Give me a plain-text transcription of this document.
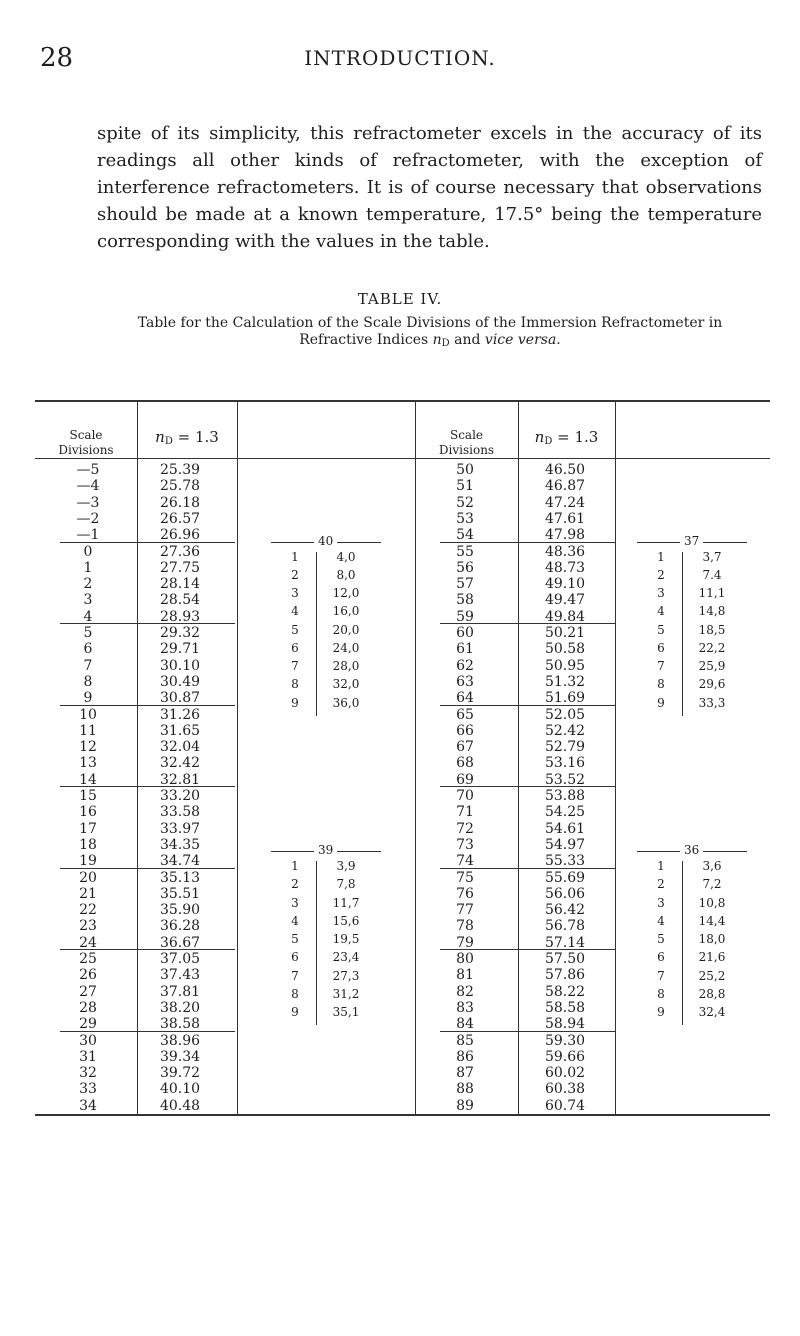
28	INTRODUCTION.
spite of its simplicity, this refractometer excels in the accuracy of its readings all other kinds of refractometer, with the exception of interference refractometers. It is of course necessary that observations should be made at a known temperature, 17.5° being the temperature corresponding with the values in the table.
TABLE IV.
Table for the Calculation of the Scale Divisions of the Immersion Refractometer in
Refractive Indices $n_D$ and vice versa.
Scale
Divisions
$n_D = 1.3$	Scale
Divisions
$n_D = 1.3$
—5	25.39	50	46.50
—4	25.78	51	46.87
—3	26.18	52	47.24
—2	26.57	53	47.61
—1	26.96	54	47.98
0	27.36	55	48.36
1	27.75	56	48.73
2	28.14	57	49.10
3	28.54	58	49.47
4	28.93	59	49.84
5	29.32	60	50.21
6	29.71	61	50.58
7	30.10	62	50.95
8	30.49	63	51.32
9	30.87	64	51.69
10	31.26	65	52.05
11	31.65	66	52.42
12	32.04	67	52.79
13	32.42	68	53.16
14	32.81	69	53.52
15	33.20	70	53.88
16	33.58	71	54.25
17	33.97	72	54.61
18	34.35	73	54.97
19	34.74	74	55.33
20	35.13	75	55.69
21	35.51	76	56.06
22	35.90	77	56.42
23	36.28	78	56.78
24	36.67	79	57.14
25	37.05	80	57.50
26	37.43	81	57.86
27	37.81	82	58.22
28	38.20	83	58.58
29	38.58	84	58.94
30	38.96	85	59.30
31	39.34	86	59.66
32	39.72	87	60.02
33	40.10	88	60.38
34	40.48	89	60.74
40
1	4,0
2	8,0
3	12,0
4	16,0
5	20,0
6	24,0
7	28,0
8	32,0
9	36,0
39
1	3,9
2	7,8
3	11,7
4	15,6
5	19,5
6	23,4
7	27,3
8	31,2
9	35,1
37
1	3,7
2	7.4
3	11,1
4	14,8
5	18,5
6	22,2
7	25,9
8	29,6
9	33,3
36
1	3,6
2	7,2
3	10,8
4	14,4
5	18,0
6	21,6
7	25,2
8	28,8
9	32,4
